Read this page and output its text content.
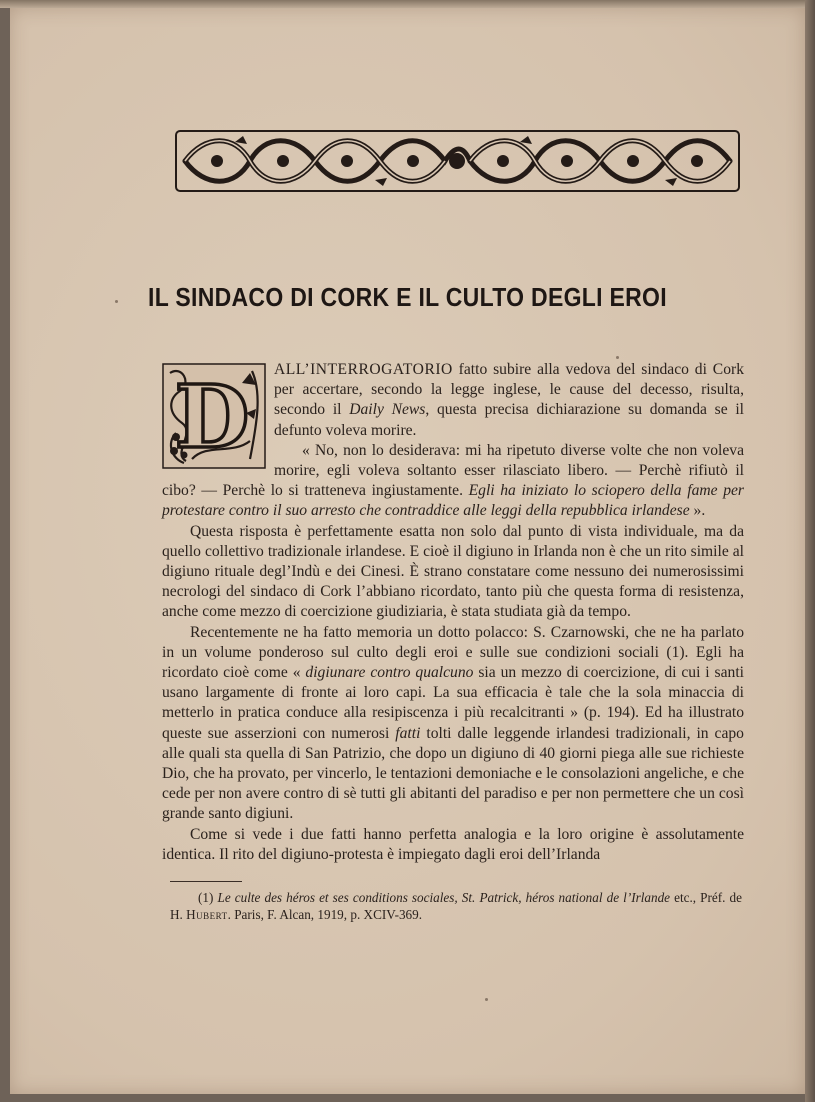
IL SINDACO DI CORK E IL CULTO DEGLI EROI
D	ALL’INTERROGATORIO fatto subire alla vedova del sindaco di Cork per accertare, secondo la legge inglese, le cause del decesso, risulta, secondo il Daily News, questa precisa dichiarazione su domanda se il defunto voleva morire.

« No, non lo desiderava: mi ha ripetuto diverse volte che non voleva morire, egli voleva soltanto esser rilasciato libero. — Perchè rifiutò il cibo? — Perchè lo si tratteneva ingiustamente. Egli ha iniziato lo sciopero della fame per protestare contro il suo arresto che contraddice alle leggi della repubblica irlandese ».

Questa risposta è perfettamente esatta non solo dal punto di vista individuale, ma da quello collettivo tradizionale irlandese. E cioè il digiuno in Irlanda non è che un rito simile al digiuno rituale degl’Indù e dei Cinesi. È strano constatare come nessuno dei numerosissimi necrologi del sindaco di Cork l’abbiano ricordato, tanto più che questa forma di resistenza, anche come mezzo di coercizione giudiziaria, è stata studiata già da tempo.

Recentemente ne ha fatto memoria un dotto polacco: S. Czarnowski, che ne ha parlato in un volume ponderoso sul culto degli eroi e sulle sue condizioni sociali (1). Egli ha ricordato cioè come « digiunare contro qualcuno sia un mezzo di coercizione, di cui i santi usano largamente di fronte ai loro capi. La sua efficacia è tale che la sola minaccia di metterlo in pratica conduce alla resipiscenza i più recalcitranti » (p. 194). Ed ha illustrato queste sue asserzioni con numerosi fatti tolti dalle leggende irlandesi tradizionali, in capo alle quali sta quella di San Patrizio, che dopo un digiuno di 40 giorni piega alle sue richieste Dio, che ha provato, per vincerlo, le tentazioni demoniache e le consolazioni angeliche, e che cede per non avere contro di sè tutti gli abitanti del paradiso e per non permettere che un così grande santo digiuni.

Come si vede i due fatti hanno perfetta analogia e la loro origine è assolutamente identica. Il rito del digiuno-protesta è impiegato dagli eroi dell’Irlanda

(1) Le culte des héros et ses conditions sociales, St. Patrick, héros national de l’Irlande etc., Préf. de H. Hubert. Paris, F. Alcan, 1919, p. XCIV-369.
